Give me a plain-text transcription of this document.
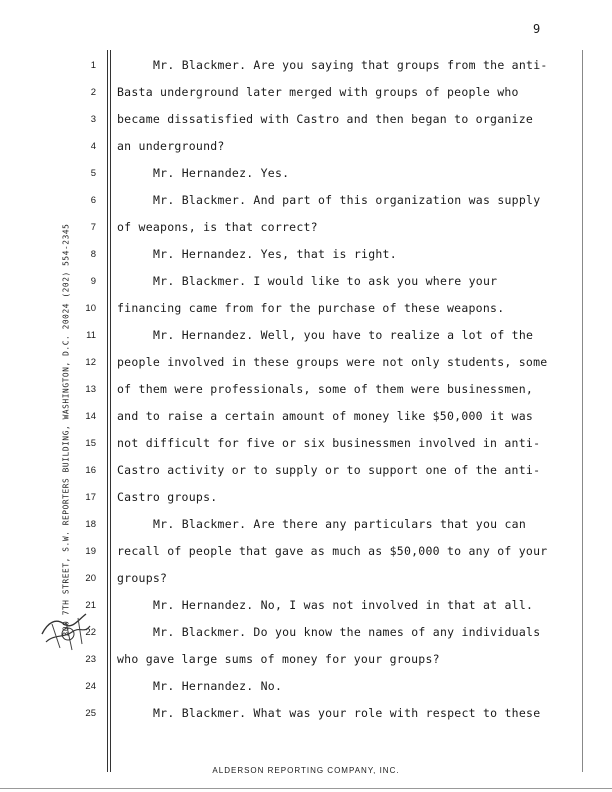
9
300 7TH STREET, S.W. REPORTERS BUILDING, WASHINGTON, D.C. 20024 (202) 554-2345
1	Mr. Blackmer. Are you saying that groups from the anti-
2 Basta underground later merged with groups of people who
3 became dissatisfied with Castro and then began to organize
4 an underground?
5	Mr. Hernandez. Yes.
6	Mr. Blackmer. And part of this organization was supply
7 of weapons, is that correct?
8	Mr. Hernandez. Yes, that is right.
9	Mr. Blackmer. I would like to ask you where your
10 financing came from for the purchase of these weapons.
11	Mr. Hernandez. Well, you have to realize a lot of the
12 people involved in these groups were not only students, some
13 of them were professionals, some of them were businessmen,
14 and to raise a certain amount of money like $50,000 it was
15 not difficult for five or six businessmen involved in anti-
16 Castro activity or to supply or to support one of the anti-
17 Castro groups.
18	Mr. Blackmer. Are there any particulars that you can
19 recall of people that gave as much as $50,000 to any of your
20 groups?
21	Mr. Hernandez. No, I was not involved in that at all.
22	Mr. Blackmer. Do you know the names of any individuals
23 who gave large sums of money for your groups?
24	Mr. Hernandez. No.
25	Mr. Blackmer. What was your role with respect to these
ALDERSON REPORTING COMPANY, INC.
